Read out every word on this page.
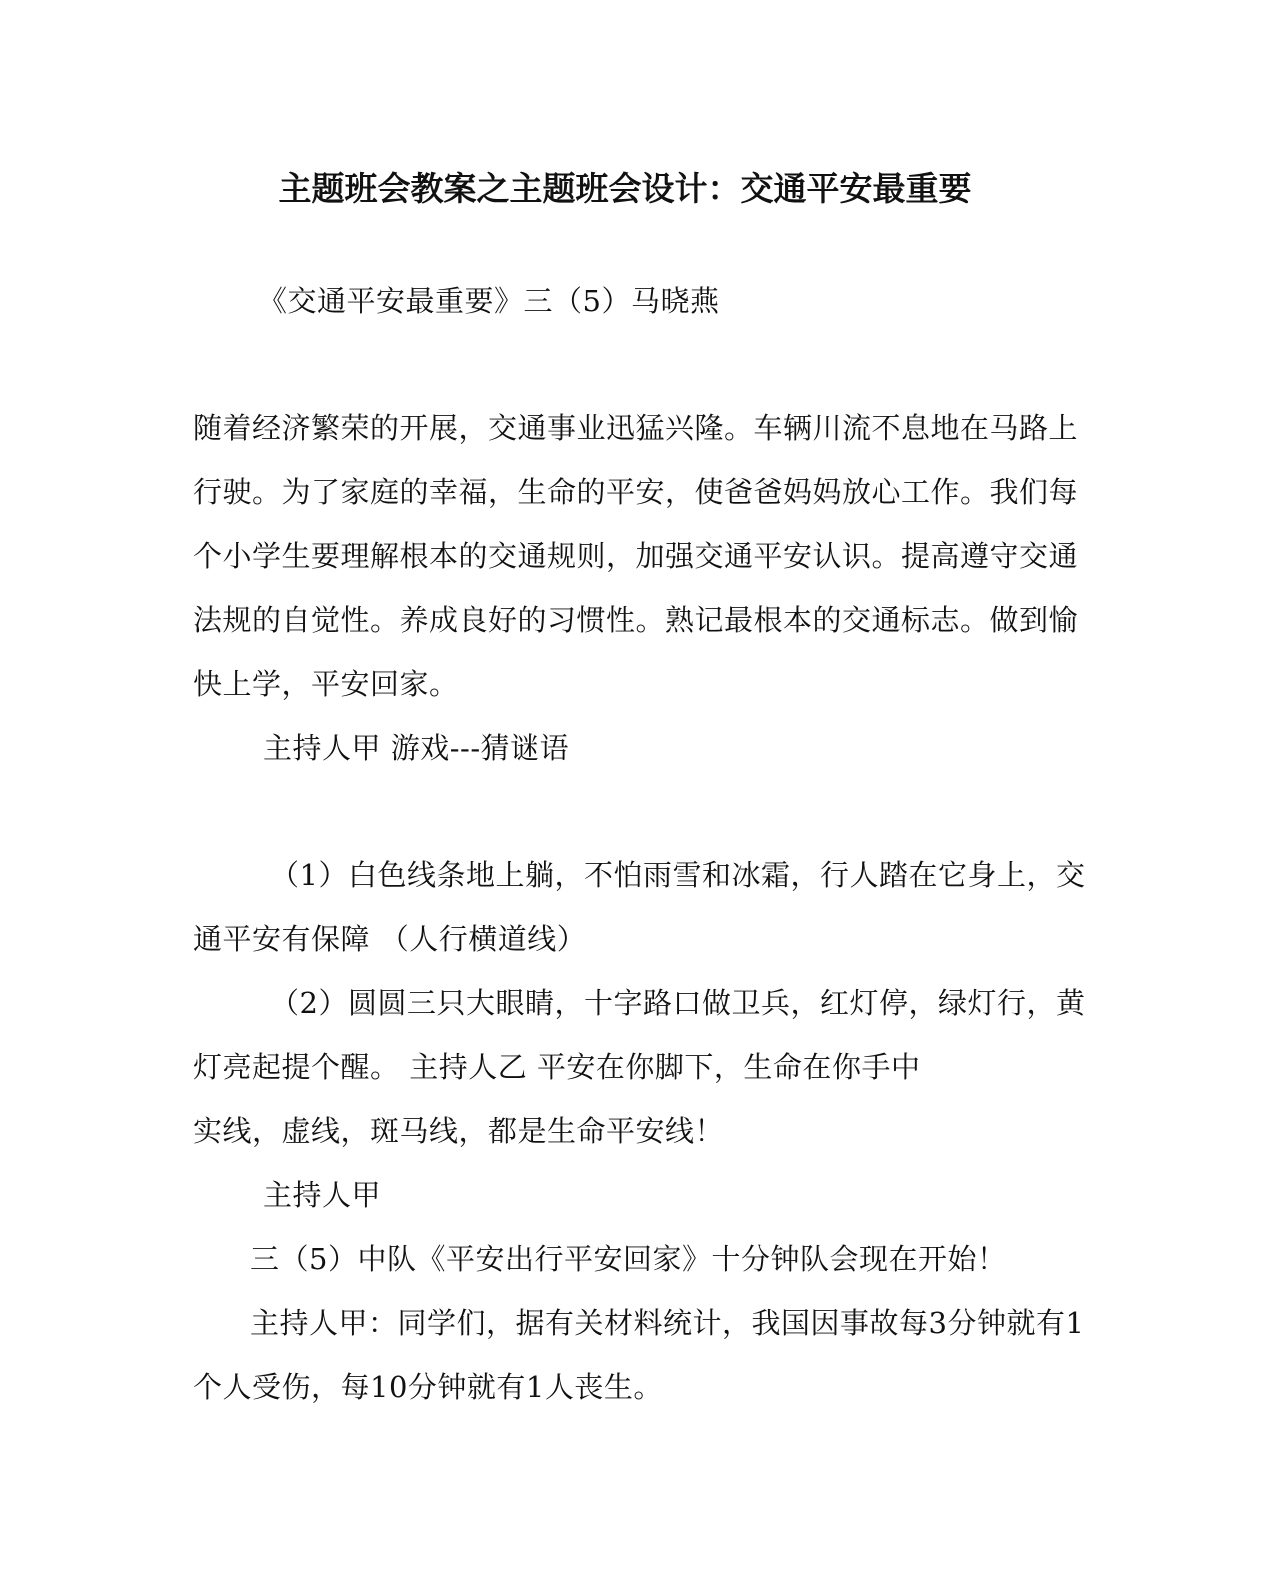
主题班会教案之主题班会设计：交通平安最重要
《交通平安最重要》三（5）马晓燕
随着经济繁荣的开展，交通事业迅猛兴隆。车辆川流不息地在马路上
行驶。为了家庭的幸福，生命的平安，使爸爸妈妈放心工作。我们每
个小学生要理解根本的交通规则，加强交通平安认识。提高遵守交通
法规的自觉性。养成良好的习惯性。熟记最根本的交通标志。做到愉
快上学，平安回家。
主持人甲 游戏---猜谜语
（1）白色线条地上躺，不怕雨雪和冰霜，行人踏在它身上，交
通平安有保障 （人行横道线）
（2）圆圆三只大眼睛，十字路口做卫兵，红灯停，绿灯行，黄
灯亮起提个醒。 主持人乙 平安在你脚下，生命在你手中
实线，虚线，斑马线，都是生命平安线！
主持人甲
三（5）中队《平安出行平安回家》十分钟队会现在开始！
主持人甲：同学们，据有关材料统计，我国因事故每3分钟就有1
个人受伤，每10分钟就有1人丧生。
